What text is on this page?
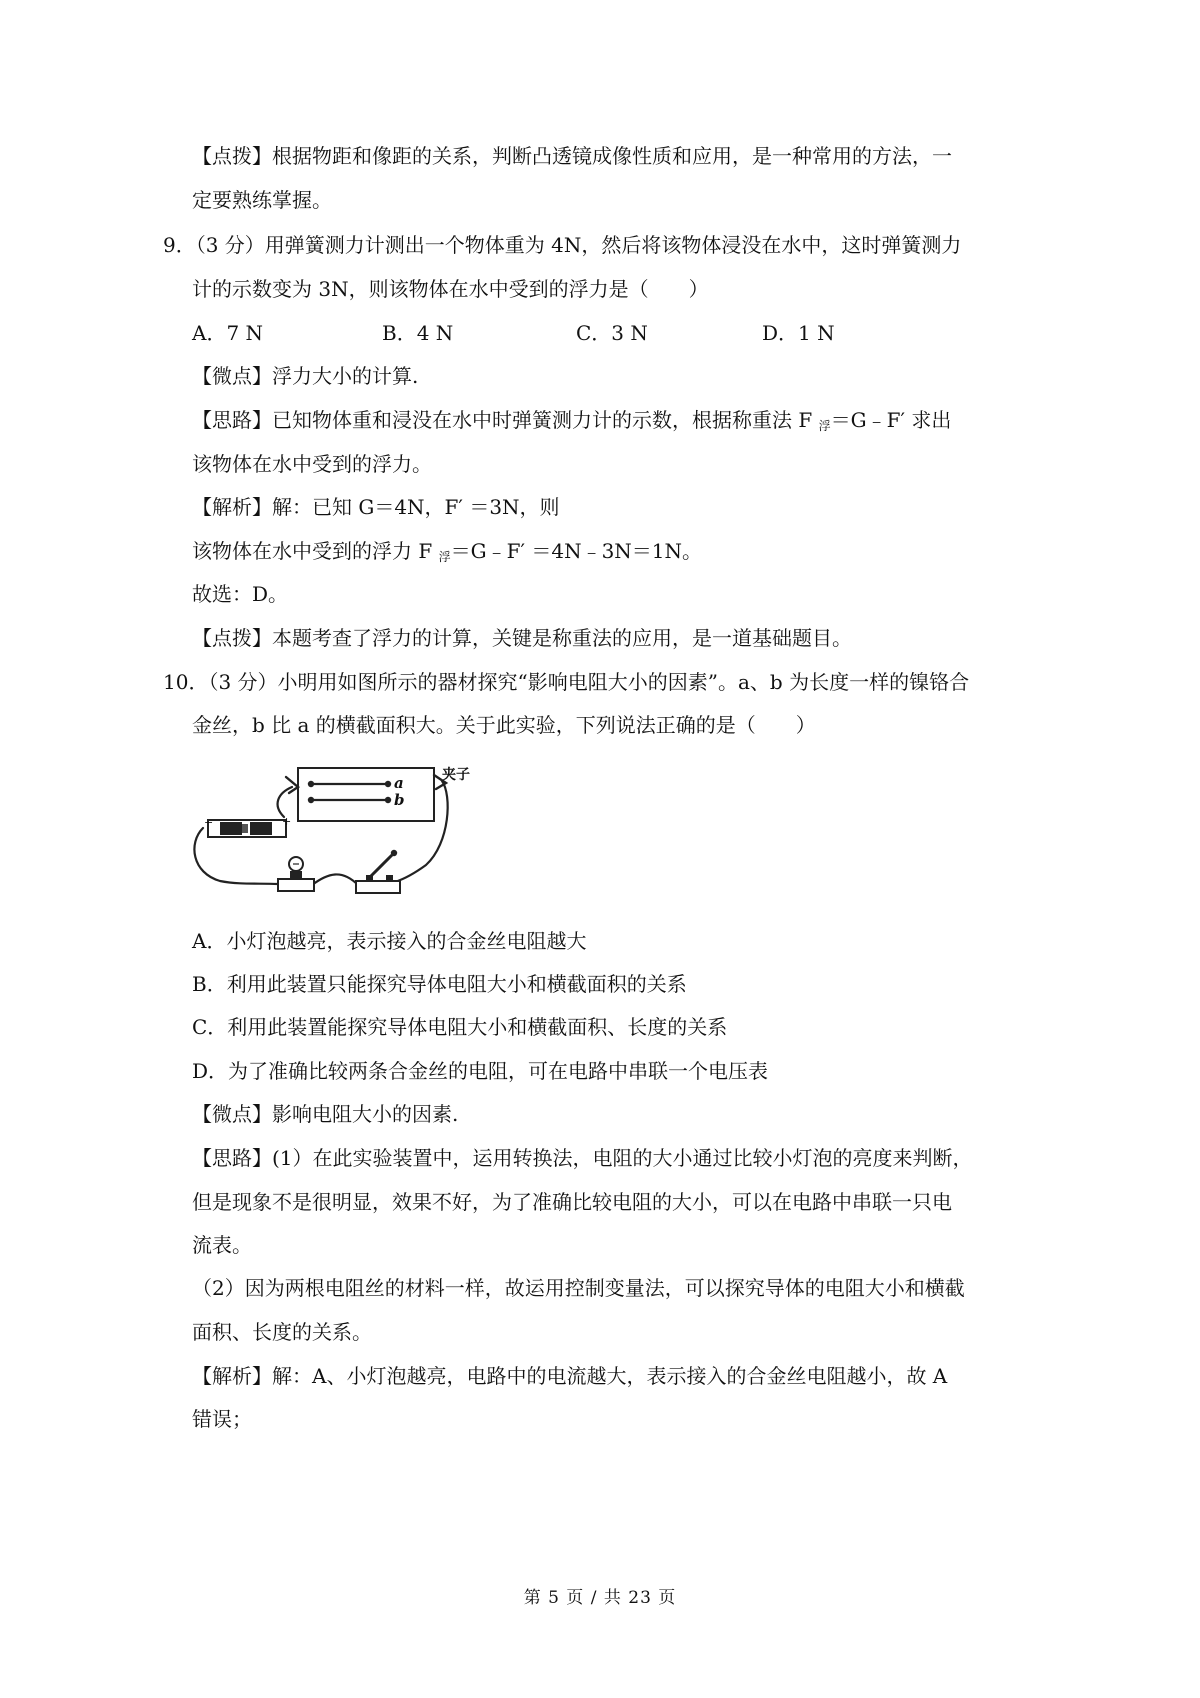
【点拨】根据物距和像距的关系，判断凸透镜成像性质和应用，是一种常用的方法，一
定要熟练掌握。
9．（3 分）用弹簧测力计测出一个物体重为 4N，然后将该物体浸没在水中，这时弹簧测力
计的示数变为 3N，则该物体在水中受到的浮力是（　　）
A．7 N	B．4 N	C．3 N	D．1 N
【微点】浮力大小的计算.
【思路】已知物体重和浸没在水中时弹簧测力计的示数，根据称重法 F $_浮$＝G﹣F′ 求出
该物体在水中受到的浮力。
【解析】解：已知 G＝4N，F′ ＝3N，则
该物体在水中受到的浮力 F $_浮$＝G﹣F′ ＝4N﹣3N＝1N。
故选：D。
【点拨】本题考查了浮力的计算，关键是称重法的应用，是一道基础题目。
10．（3 分）小明用如图所示的器材探究“影响电阻大小的因素”。a、b 为长度一样的镍铬合
金丝，b 比 a 的横截面积大。关于此实验，下列说法正确的是（　　）
a
b
夹子
+
−
A．小灯泡越亮，表示接入的合金丝电阻越大
B．利用此装置只能探究导体电阻大小和横截面积的关系
C．利用此装置能探究导体电阻大小和横截面积、长度的关系
D．为了准确比较两条合金丝的电阻，可在电路中串联一个电压表
【微点】影响电阻大小的因素.
【思路】(1）在此实验装置中，运用转换法，电阻的大小通过比较小灯泡的亮度来判断，
但是现象不是很明显，效果不好，为了准确比较电阻的大小，可以在电路中串联一只电
流表。
（2）因为两根电阻丝的材料一样，故运用控制变量法，可以探究导体的电阻大小和横截
面积、长度的关系。
【解析】解：A、小灯泡越亮，电路中的电流越大，表示接入的合金丝电阻越小，故 A
错误；
第 5 页 / 共 23 页
